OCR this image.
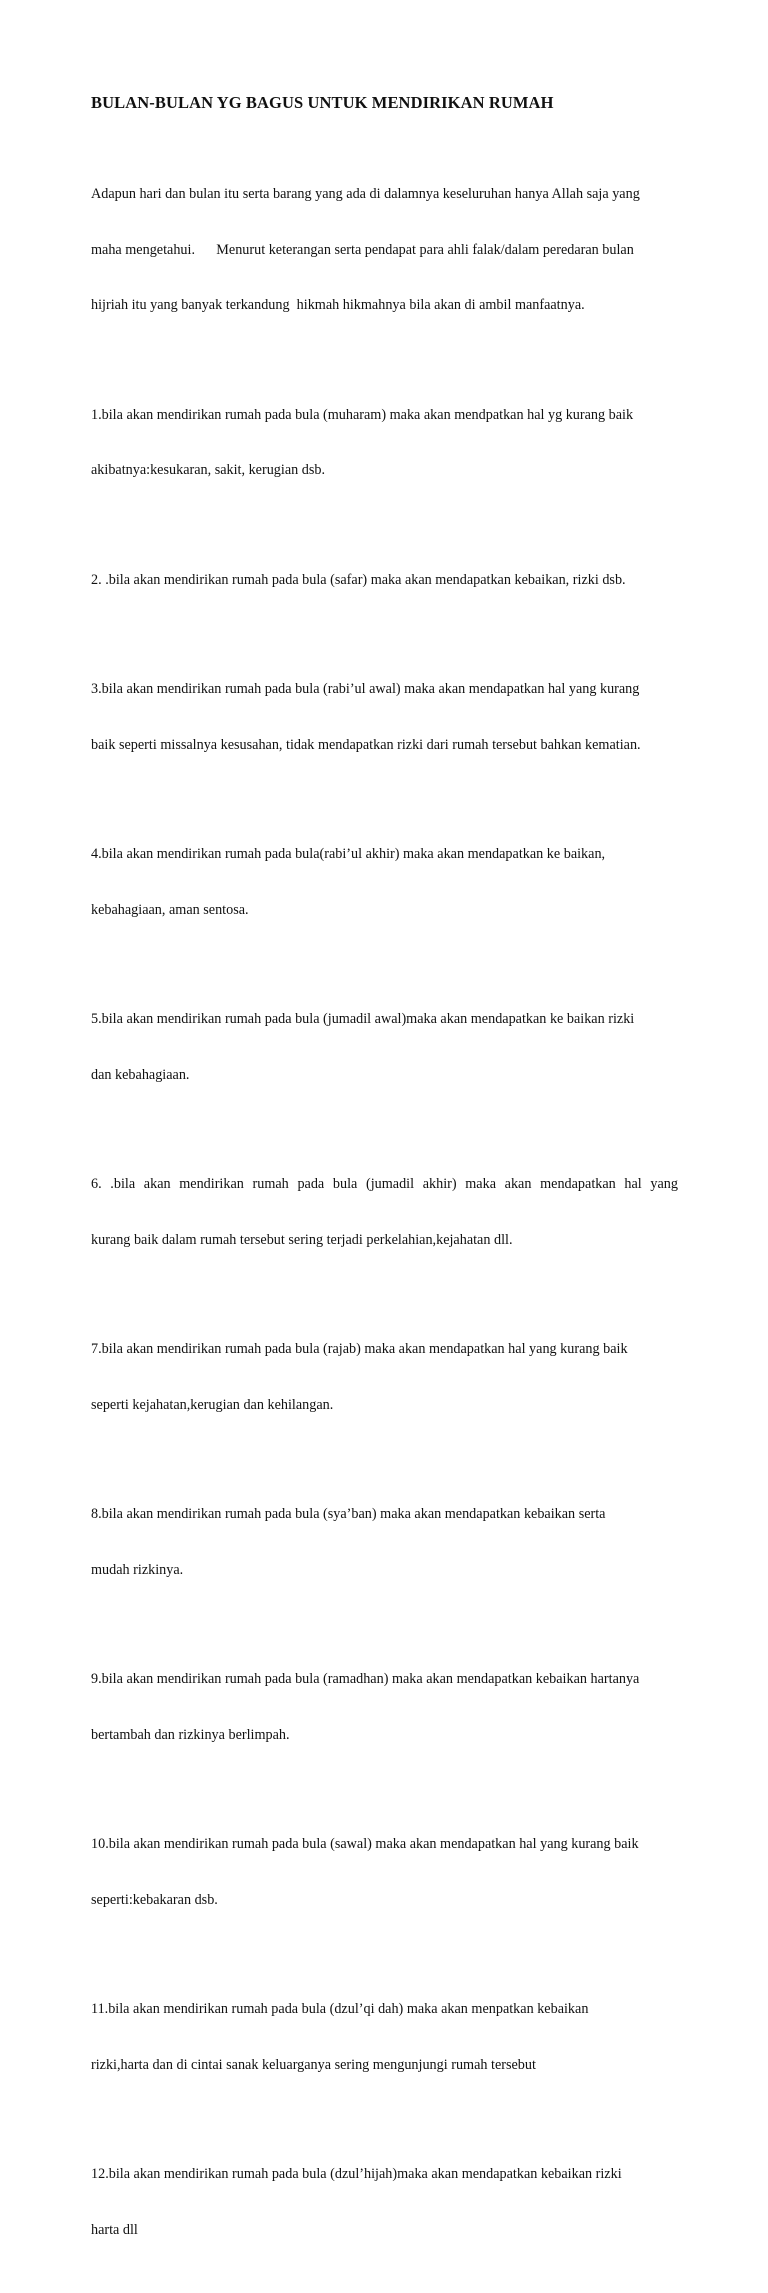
BULAN-BULAN YG BAGUS UNTUK MENDIRIKAN RUMAH

Adapun hari dan bulan itu serta barang yang ada di dalamnya keseluruhan hanya Allah saja yang

maha mengetahui.      Menurut keterangan serta pendapat para ahli falak/dalam peredaran bulan

hijriah itu yang banyak terkandung  hikmah hikmahnya bila akan di ambil manfaatnya.

1.bila akan mendirikan rumah pada bula (muharam) maka akan mendpatkan hal yg kurang baik

akibatnya:kesukaran, sakit, kerugian dsb.

2. .bila akan mendirikan rumah pada bula (safar) maka akan mendapatkan kebaikan, rizki dsb.

3.bila akan mendirikan rumah pada bula (rabi’ul awal) maka akan mendapatkan hal yang kurang

baik seperti missalnya kesusahan, tidak mendapatkan rizki dari rumah tersebut bahkan kematian.

4.bila akan mendirikan rumah pada bula(rabi’ul akhir) maka akan mendapatkan ke baikan,

kebahagiaan, aman sentosa.

5.bila akan mendirikan rumah pada bula (jumadil awal)maka akan mendapatkan ke baikan rizki

dan kebahagiaan.

6. .bila akan mendirikan rumah pada bula (jumadil akhir) maka akan mendapatkan hal yang

kurang baik dalam rumah tersebut sering terjadi perkelahian,kejahatan dll.

7.bila akan mendirikan rumah pada bula (rajab) maka akan mendapatkan hal yang kurang baik

seperti kejahatan,kerugian dan kehilangan.

8.bila akan mendirikan rumah pada bula (sya’ban) maka akan mendapatkan kebaikan serta

mudah rizkinya.

9.bila akan mendirikan rumah pada bula (ramadhan) maka akan mendapatkan kebaikan hartanya

bertambah dan rizkinya berlimpah.

10.bila akan mendirikan rumah pada bula (sawal) maka akan mendapatkan hal yang kurang baik

seperti:kebakaran dsb.

11.bila akan mendirikan rumah pada bula (dzul’qi dah) maka akan menpatkan kebaikan

rizki,harta dan di cintai sanak keluarganya sering mengunjungi rumah tersebut

12.bila akan mendirikan rumah pada bula (dzul’hijah)maka akan mendapatkan kebaikan rizki

harta dll
